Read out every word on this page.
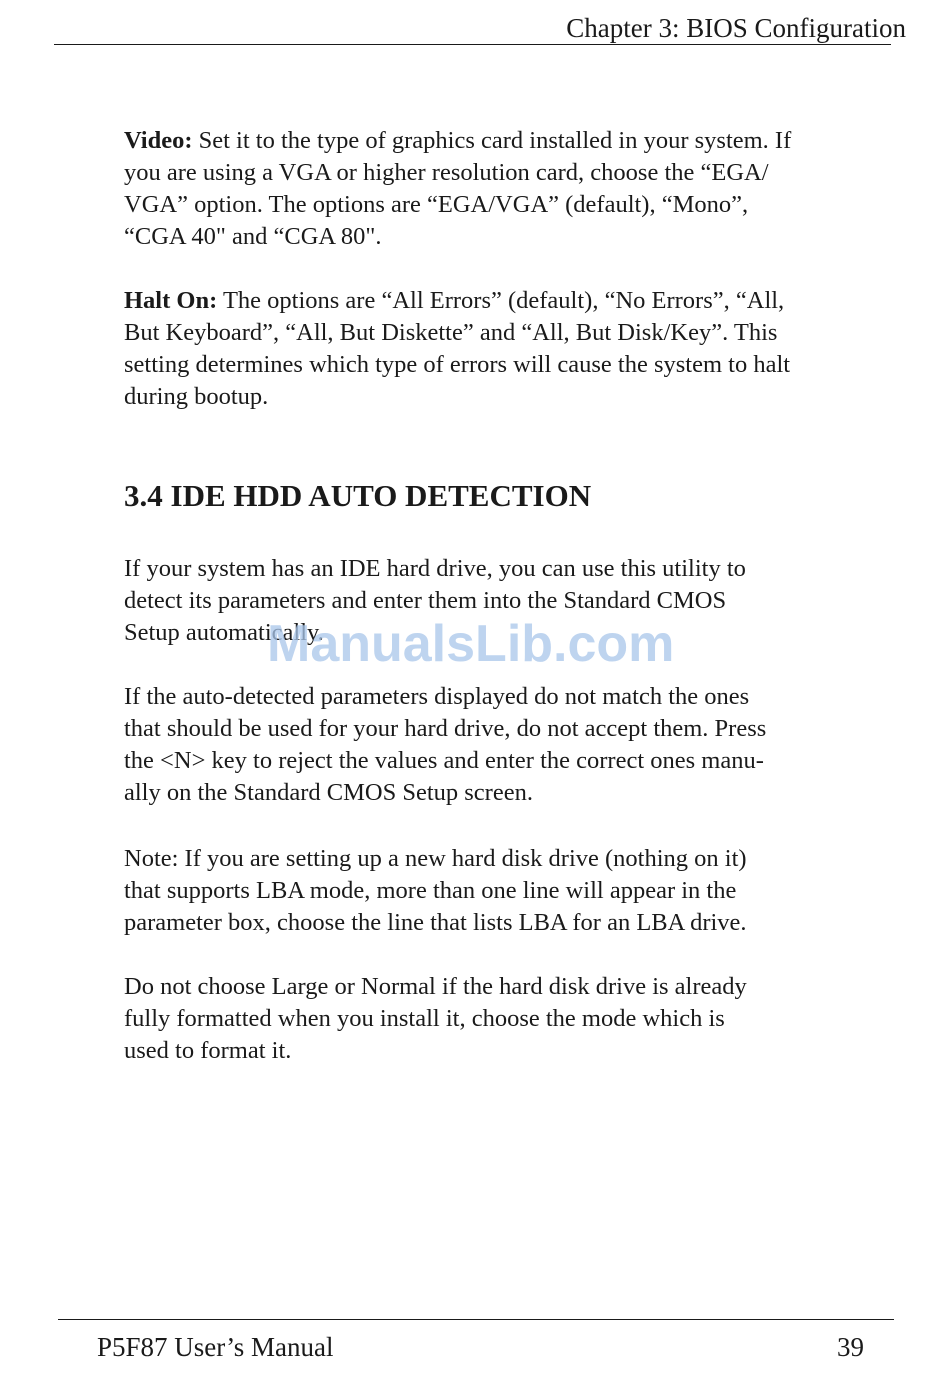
Chapter 3: BIOS Configuration

Video: Set it to the type of graphics card installed in your system. If
you are using a VGA or higher resolution card, choose the “EGA/
VGA” option. The options are “EGA/VGA” (default), “Mono”,
“CGA 40" and “CGA 80".

Halt On: The options are “All Errors” (default), “No Errors”, “All,
But Keyboard”, “All, But Diskette” and “All, But Disk/Key”. This
setting determines which type of errors will cause the system to halt
during bootup.

3.4 IDE HDD AUTO DETECTION

If your system has an IDE hard drive, you can use this utility to
detect its parameters and enter them into the Standard CMOS
Setup automatically.

If the auto-detected parameters displayed do not match the ones
that should be used for your hard drive, do not accept them. Press
the <N> key to reject the values and enter the correct ones manu-
ally on the Standard CMOS Setup screen.

Note: If you are setting up a new hard disk drive (nothing on it)
that supports LBA mode, more than one line will appear in the
parameter box, choose the line that lists LBA for an LBA drive.

Do not choose Large or Normal if the hard disk drive is already
fully formatted when you install it, choose the mode which is
used to format it.

ManualsLib.com
P5F87 User’s Manual	39
